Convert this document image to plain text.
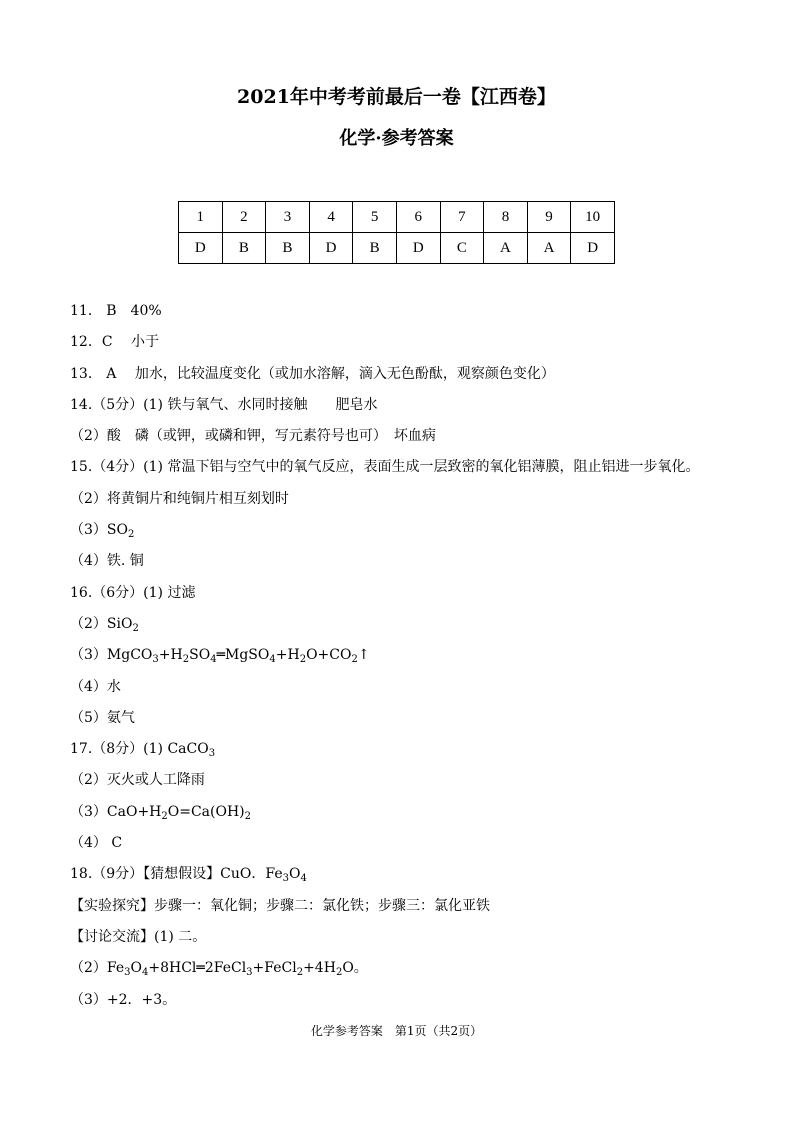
2021年中考考前最后一卷【江西卷】
化学·参考答案
1	2	3	4	5	6	7	8	9	10
D	B	B	D	B	D	C	A	A	D
11． B　40%
12．C　 小于
13． A　 加水，比较温度变化（或加水溶解，滴入无色酚酞，观察颜色变化）
14.（5分）(1) 铁与氧气、水同时接触　　肥皂水
（2）酸　磷（或钾，或磷和钾，写元素符号也可）　坏血病
15.（4分）(1) 常温下铝与空气中的氧气反应，表面生成一层致密的氧化铝薄膜，阻止铝进一步氧化。
（2）将黄铜片和纯铜片相互刻划时
$(3)SO_2$
（4）铁. 铜
16.（6分）(1) 过滤
（2）SiO$_2$
$(3)MgCO_3+H_2SO_4═MgSO_4+H_2O+CO_2↑$
（4）水
（5）氨气
17.（8分）(1) CaCO$_3$
（2）灭火或人工降雨
$(3)CaO+H_2O=Ca(OH)_2$
（4） C
18.（9分）【猜想假设】CuO．$Fe_3O_4$
【实验探究】步骤一：氧化铜；步骤二：氯化铁；步骤三：氯化亚铁
【讨论交流】(1) 二。
$(2)Fe_3O_4+8HCl═2FeCl_3+FeCl_2+4H_2O$。
（3）+2．+3。
化学参考答案　第1页（共2页）
